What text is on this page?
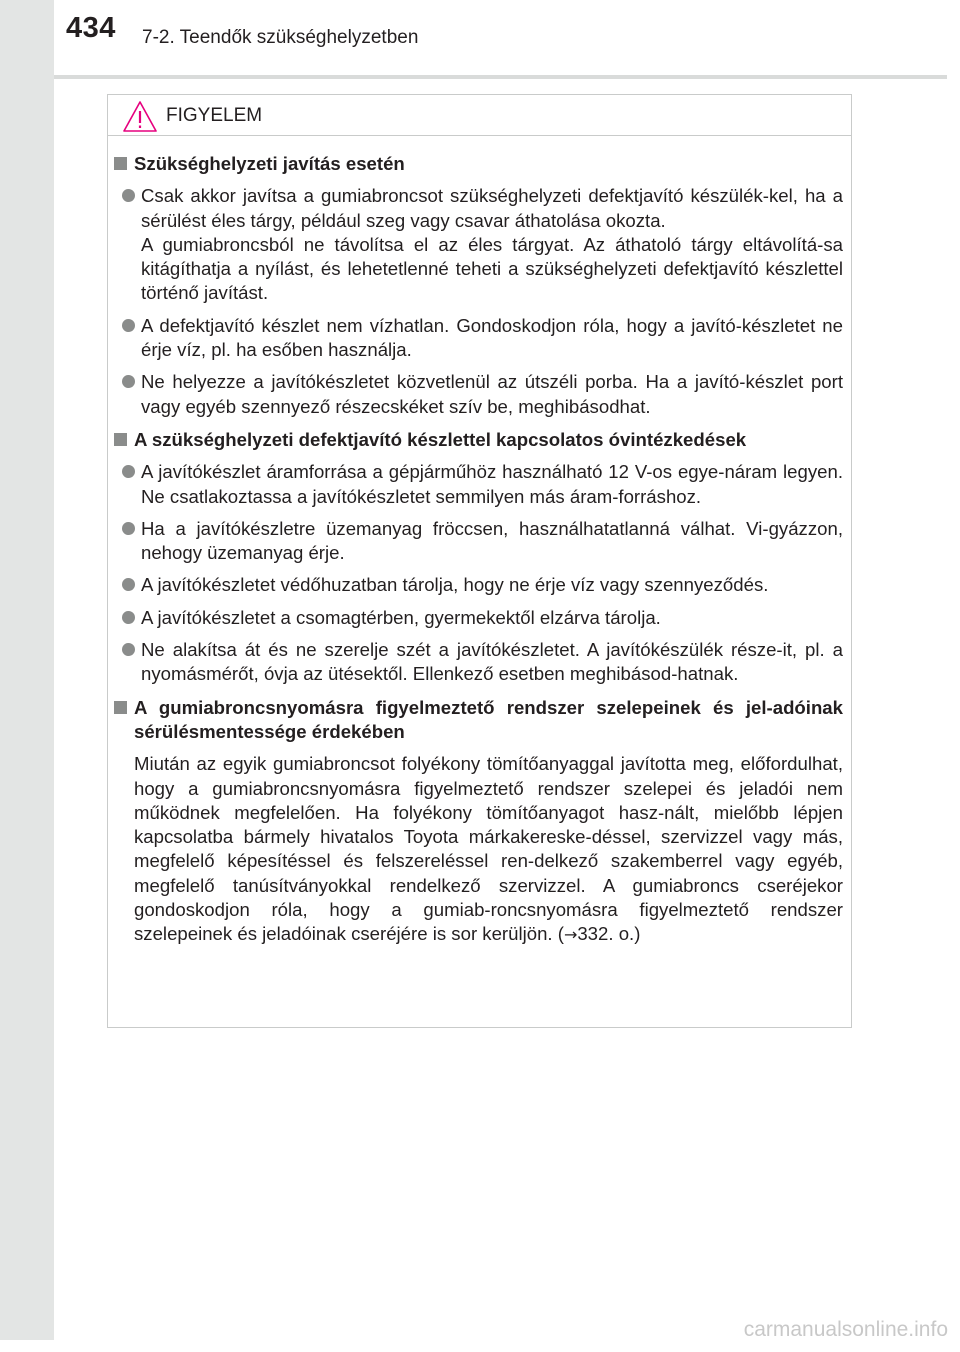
434 7-2. Teendők szükséghelyzetben
FIGYELEM
Szükséghelyzeti javítás esetén
Csak akkor javítsa a gumiabroncsot szükséghelyzeti defektjavító készülék-kel, ha a sérülést éles tárgy, például szeg vagy csavar áthatolása okozta.
A gumiabroncsból ne távolítsa el az éles tárgyat. Az áthatoló tárgy eltávolítá-sa kitágíthatja a nyílást, és lehetetlenné teheti a szükséghelyzeti defektjavító készlettel történő javítást.
A defektjavító készlet nem vízhatlan. Gondoskodjon róla, hogy a javító-készletet ne érje víz, pl. ha esőben használja.
Ne helyezze a javítókészletet közvetlenül az útszéli porba. Ha a javító-készlet port vagy egyéb szennyező részecskéket szív be, meghibásodhat.
A szükséghelyzeti defektjavító készlettel kapcsolatos óvintézkedések
A javítókészlet áramforrása a gépjárműhöz használható 12 V-os egye-náram legyen. Ne csatlakoztassa a javítókészletet semmilyen más áram-forráshoz.
Ha a javítókészletre üzemanyag fröccsen, használhatatlanná válhat. Vi-gyázzon, nehogy üzemanyag érje.
A javítókészletet védőhuzatban tárolja, hogy ne érje víz vagy szennyeződés.
A javítókészletet a csomagtérben, gyermekektől elzárva tárolja.
Ne alakítsa át és ne szerelje szét a javítókészletet. A javítókészülék része-it, pl. a nyomásmérőt, óvja az ütésektől. Ellenkező esetben meghibásod-hatnak.
A gumiabroncsnyomásra figyelmeztető rendszer szelepeinek és jel-adóinak sérülésmentessége érdekében
Miután az egyik gumiabroncsot folyékony tömítőanyaggal javította meg, előfordulhat, hogy a gumiabroncsnyomásra figyelmeztető rendszer szelepei és jeladói nem működnek megfelelően. Ha folyékony tömítőanyagot hasz-nált, mielőbb lépjen kapcsolatba bármely hivatalos Toyota márkakereske-déssel, szervizzel vagy más, megfelelő képesítéssel és felszereléssel ren-delkező szakemberrel vagy egyéb, megfelelő tanúsítványokkal rendelkező szervizzel. A gumiabroncs cseréjekor gondoskodjon róla, hogy a gumiab-roncsnyomásra figyelmeztető rendszer szelepeinek és jeladóinak cseréjére is sor kerüljön. (→332. o.)
carmanualsonline.info
